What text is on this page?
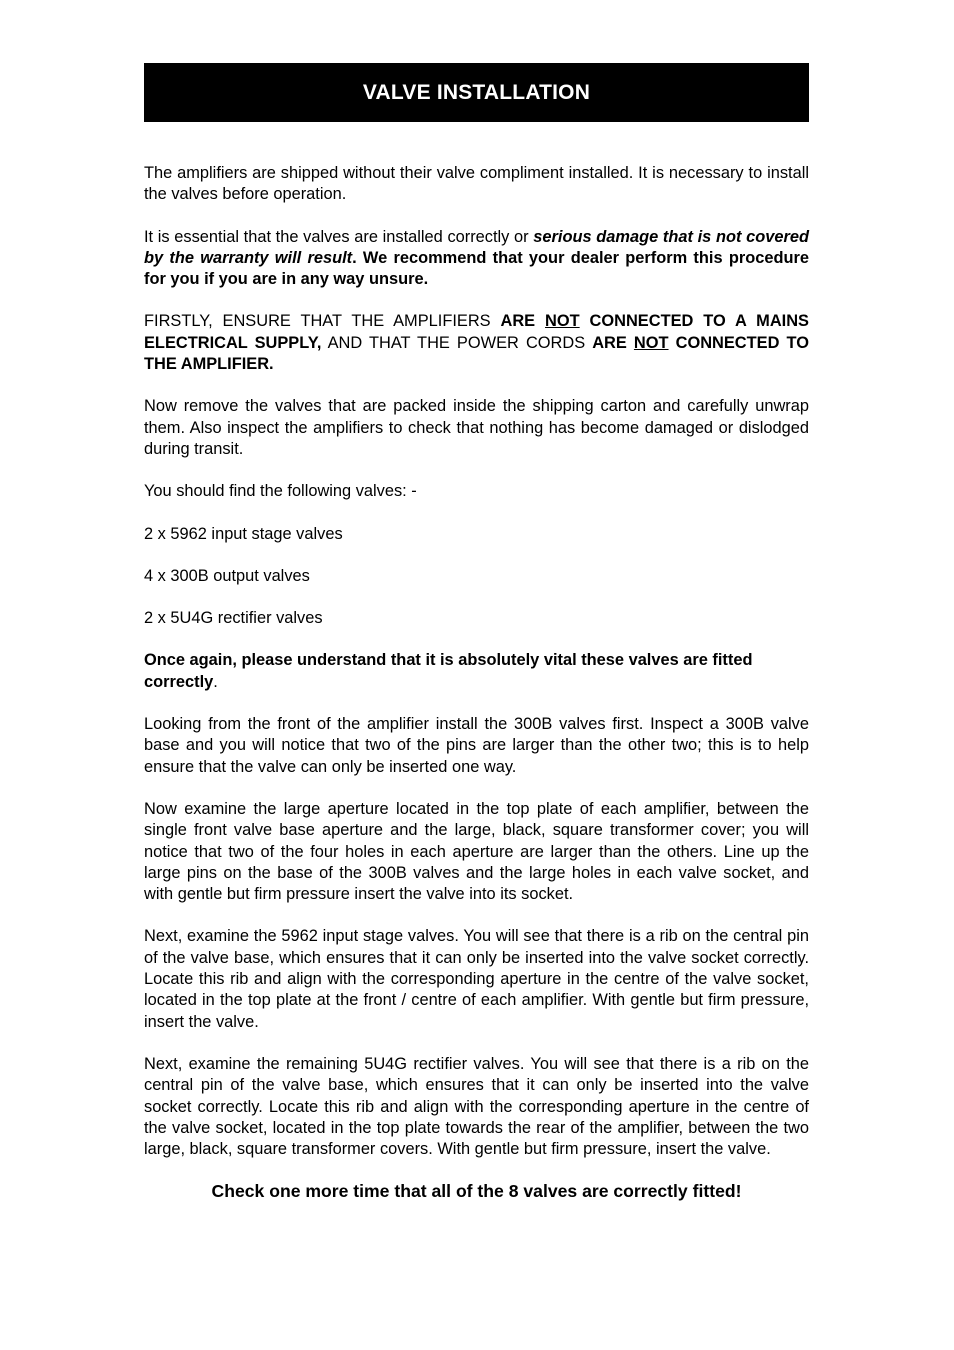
VALVE INSTALLATION

The amplifiers are shipped without their valve compliment installed. It is necessary to install the valves before operation.

It is essential that the valves are installed correctly or serious damage that is not covered by the warranty will result. We recommend that your dealer perform this procedure for you if you are in any way unsure.

FIRSTLY, ENSURE THAT THE AMPLIFIERS ARE NOT CONNECTED TO A MAINS ELECTRICAL SUPPLY, AND THAT THE POWER CORDS ARE NOT CONNECTED TO THE AMPLIFIER.

Now remove the valves that are packed inside the shipping carton and carefully unwrap them. Also inspect the amplifiers to check that nothing has become damaged or dislodged during transit.

You should find the following valves: -

2 x 5962 input stage valves

4 x 300B output valves

2 x 5U4G rectifier valves

Once again, please understand that it is absolutely vital these valves are fitted correctly.

Looking from the front of the amplifier install the 300B valves first. Inspect a 300B valve base and you will notice that two of the pins are larger than the other two; this is to help ensure that the valve can only be inserted one way.

Now examine the large aperture located in the top plate of each amplifier, between the single front valve base aperture and the large, black, square transformer cover; you will notice that two of the four holes in each aperture are larger than the others. Line up the large pins on the base of the 300B valves and the large holes in each valve socket, and with gentle but firm pressure insert the valve into its socket.

Next, examine the 5962 input stage valves. You will see that there is a rib on the central pin of the valve base, which ensures that it can only be inserted into the valve socket correctly. Locate this rib and align with the corresponding aperture in the centre of the valve socket, located in the top plate at the front / centre of each amplifier. With gentle but firm pressure, insert the valve.

Next, examine the remaining 5U4G rectifier valves. You will see that there is a rib on the central pin of the valve base, which ensures that it can only be inserted into the valve socket correctly. Locate this rib and align with the corresponding aperture in the centre of the valve socket, located in the top plate towards the rear of the amplifier, between the two large, black, square transformer covers. With gentle but firm pressure, insert the valve.

Check one more time that all of the 8 valves are correctly fitted!
